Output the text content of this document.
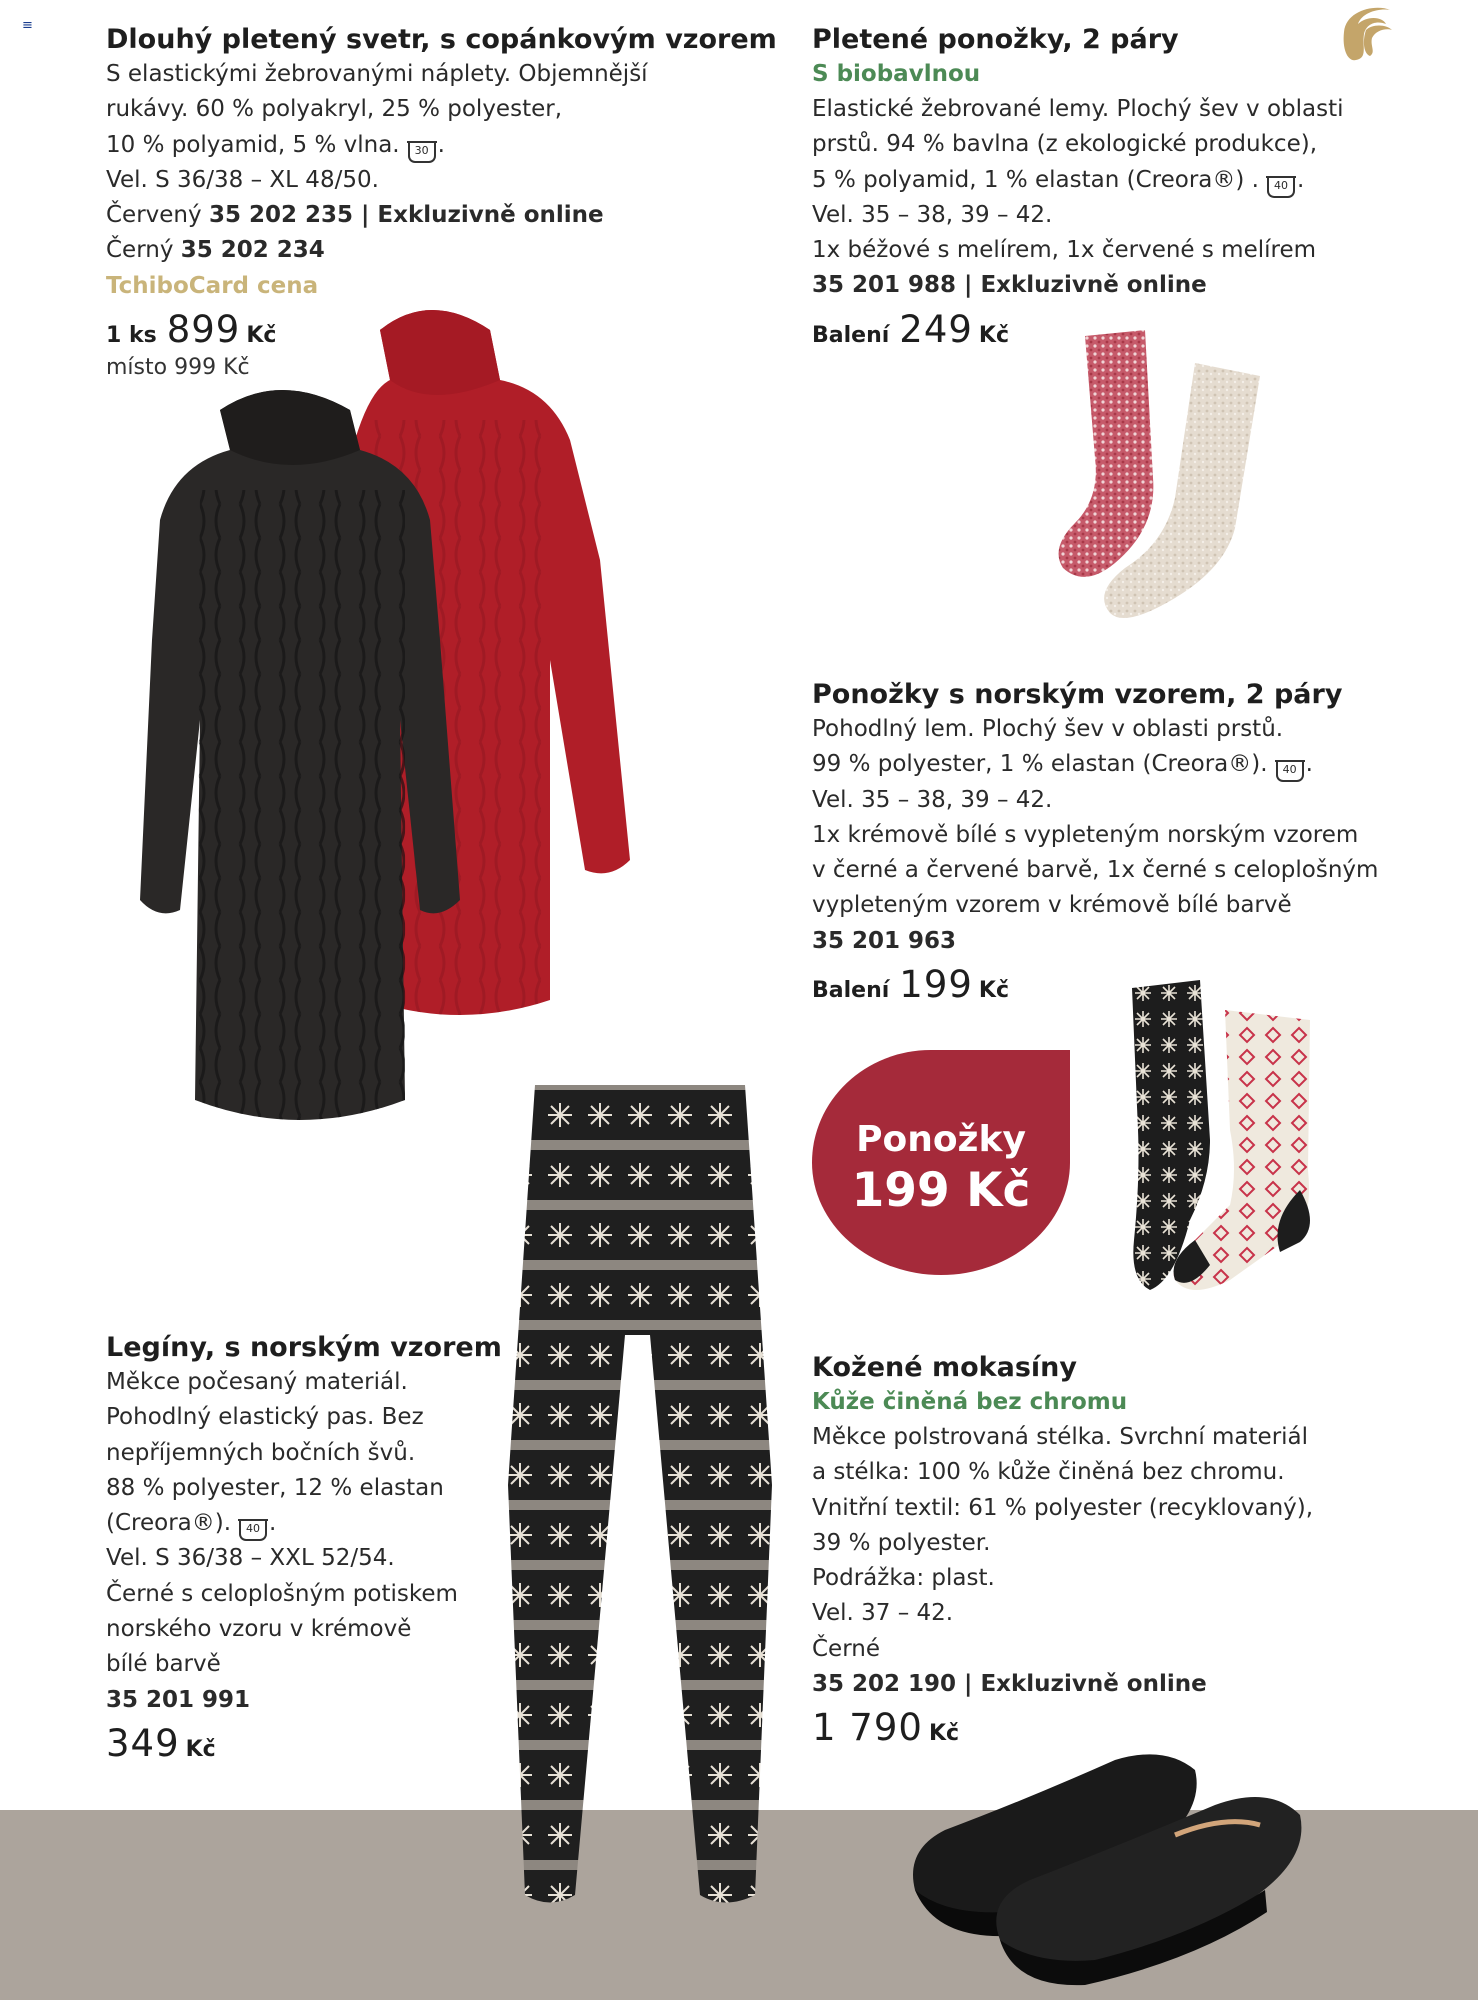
≡	Dlouhý pletený svetr, s copánkovým vzorem
S elastickými žebrovanými náplety. Objemnější
rukávy. 60 % polyakryl, 25 % polyester,
10 % polyamid, 5 % vlna. 30 .
Vel. S 36/38 – XL 48/50.
Červený 35 202 235 | Exkluzivně online
Černý 35 202 234
TchiboCard cena
1 ks 899 Kč
místo 999 Kč
Pletené ponožky, 2 páry
S biobavlnou
Elastické žebrované lemy. Plochý šev v oblasti
prstů. 94 % bavlna (z ekologické produkce),
5 % polyamid, 1 % elastan (Creora®) . 40 .
Vel. 35 – 38, 39 – 42.
1x béžové s melírem, 1x červené s melírem
35 201 988 | Exkluzivně online
Balení 249 Kč
Ponožky s norským vzorem, 2 páry
Pohodlný lem. Plochý šev v oblasti prstů.
99 % polyester, 1 % elastan (Creora®). 40 .
Vel. 35 – 38, 39 – 42.
1x krémově bílé s vypleteným norským vzorem
v černé a červené barvě, 1x černé s celoplošným
vypleteným vzorem v krémově bílé barvě
35 201 963
Balení 199 Kč
Ponožky
199 Kč
Legíny, s norským vzorem
Měkce počesaný materiál.
Pohodlný elastický pas. Bez
nepříjemných bočních švů.
88 % polyester, 12 % elastan
(Creora®). 40 .
Vel. S 36/38 – XXL 52/54.
Černé s celoplošným potiskem
norského vzoru v krémově
bílé barvě
35 201 991
349 Kč
Kožené mokasíny
Kůže činěná bez chromu
Měkce polstrovaná stélka. Svrchní materiál
a stélka: 100 % kůže činěná bez chromu.
Vnitřní textil: 61 % polyester (recyklovaný),
39 % polyester.
Podrážka: plast.
Vel. 37 – 42.
Černé
35 202 190 | Exkluzivně online
1 790 Kč
